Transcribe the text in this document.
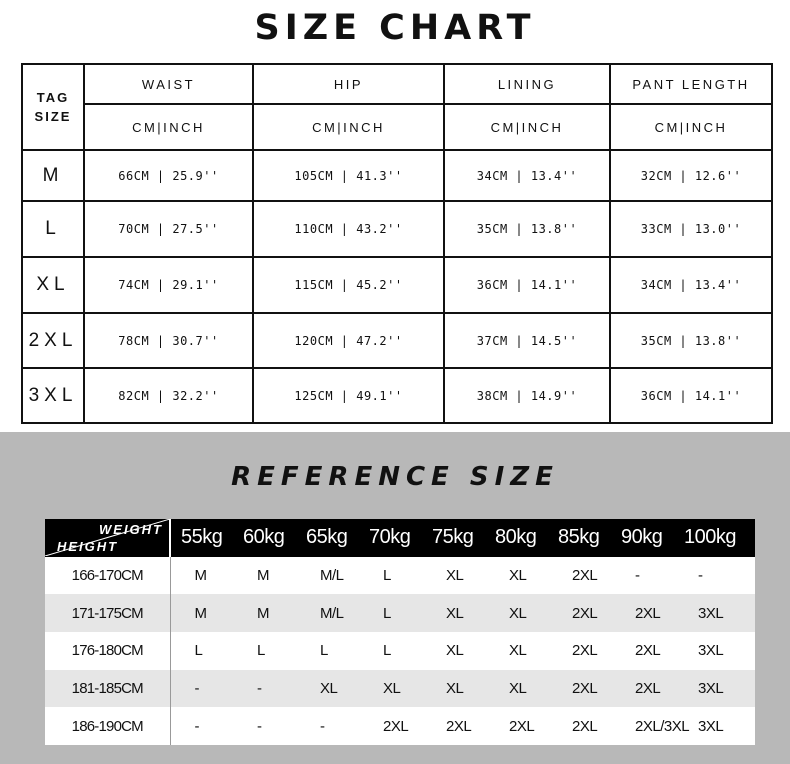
SIZE CHART
TAG
SIZE	WAIST	HIP	LINING	PANT LENGTH
	CM|INCH	CM|INCH	CM|INCH	CM|INCH
M	66CM | 25.9''	105CM | 41.3''	34CM | 13.4''	32CM | 12.6''
L	70CM | 27.5''	110CM | 43.2''	35CM | 13.8''	33CM | 13.0''
XL	74CM | 29.1''	115CM | 45.2''	36CM | 14.1''	34CM | 13.4''
2XL	78CM | 30.7''	120CM | 47.2''	37CM | 14.5''	35CM | 13.8''
3XL	82CM | 32.2''	125CM | 49.1''	38CM | 14.9''	36CM | 14.1''
REFERENCE SIZE
WEIGHT
HEIGHT	55kg	60kg	65kg	70kg	75kg	80kg	85kg	90kg	100kg
166-170CM	M	M	M/L	L	XL	XL	2XL	-	-
171-175CM	M	M	M/L	L	XL	XL	2XL	2XL	3XL
176-180CM	L	L	L	L	XL	XL	2XL	2XL	3XL
181-185CM	-	-	XL	XL	XL	XL	2XL	2XL	3XL
186-190CM	-	-	-	2XL	2XL	2XL	2XL	2XL/3XL	3XL
